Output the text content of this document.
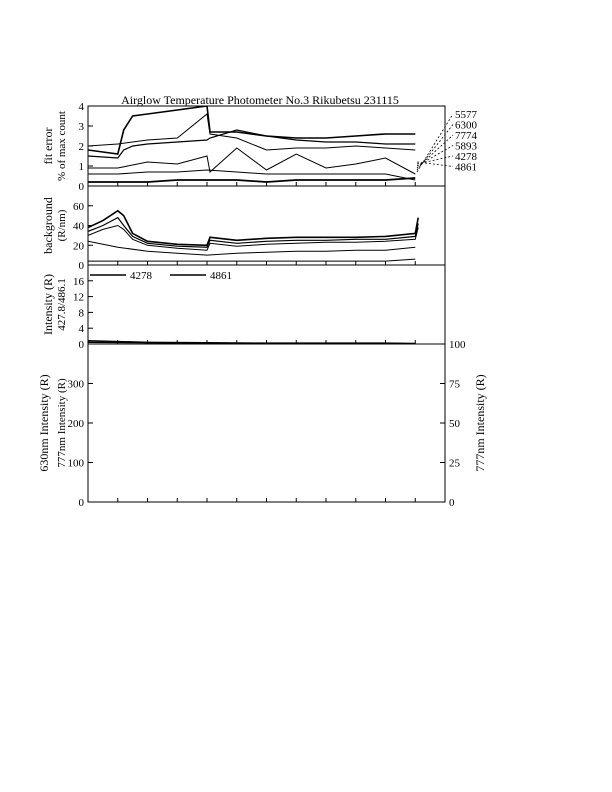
Airglow Temperature Photometer No.3 Rikubetsu 231115
0
1
2
3
4
fit error % of max count	5577
6300
7774
5893
4278
4861
0
20
40
60
background (R/nm)
0
4
8
12
16
Intensity (R) 427.8/486.1
4278	4861
0
100
200
300
0
25
50
75
100
630nm Intensity (R) 777nm Intensity (R)	777nm Intensity (R)
